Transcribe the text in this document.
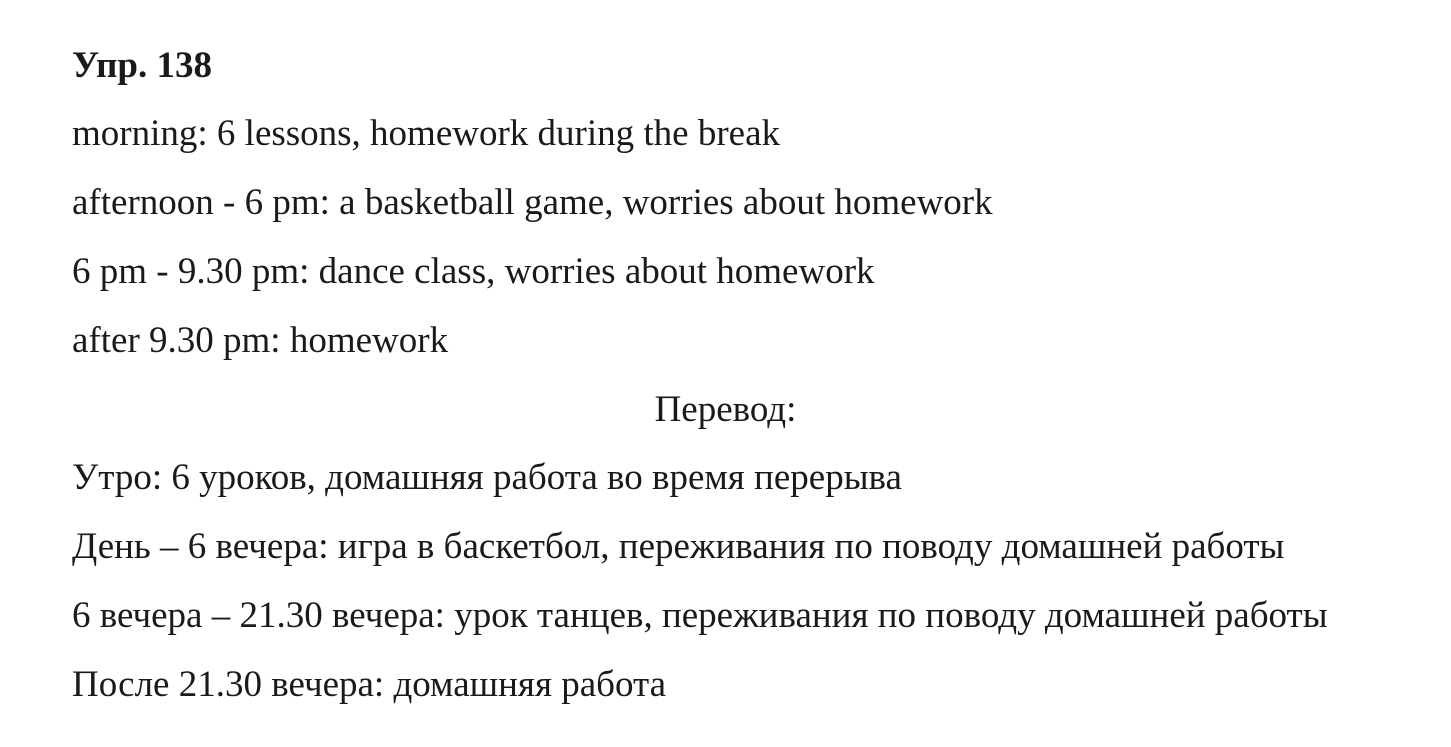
Упр. 138
morning: 6 lessons, homework during the break
afternoon - 6 pm: a basketball game, worries about homework
6 pm - 9.30 pm: dance class, worries about homework
after 9.30 pm: homework
Перевод:
Утро: 6 уроков, домашняя работа во время перерыва
День – 6 вечера: игра в баскетбол, переживания по поводу домашней работы
6 вечера – 21.30 вечера: урок танцев, переживания по поводу домашней работы
После 21.30 вечера: домашняя работа
